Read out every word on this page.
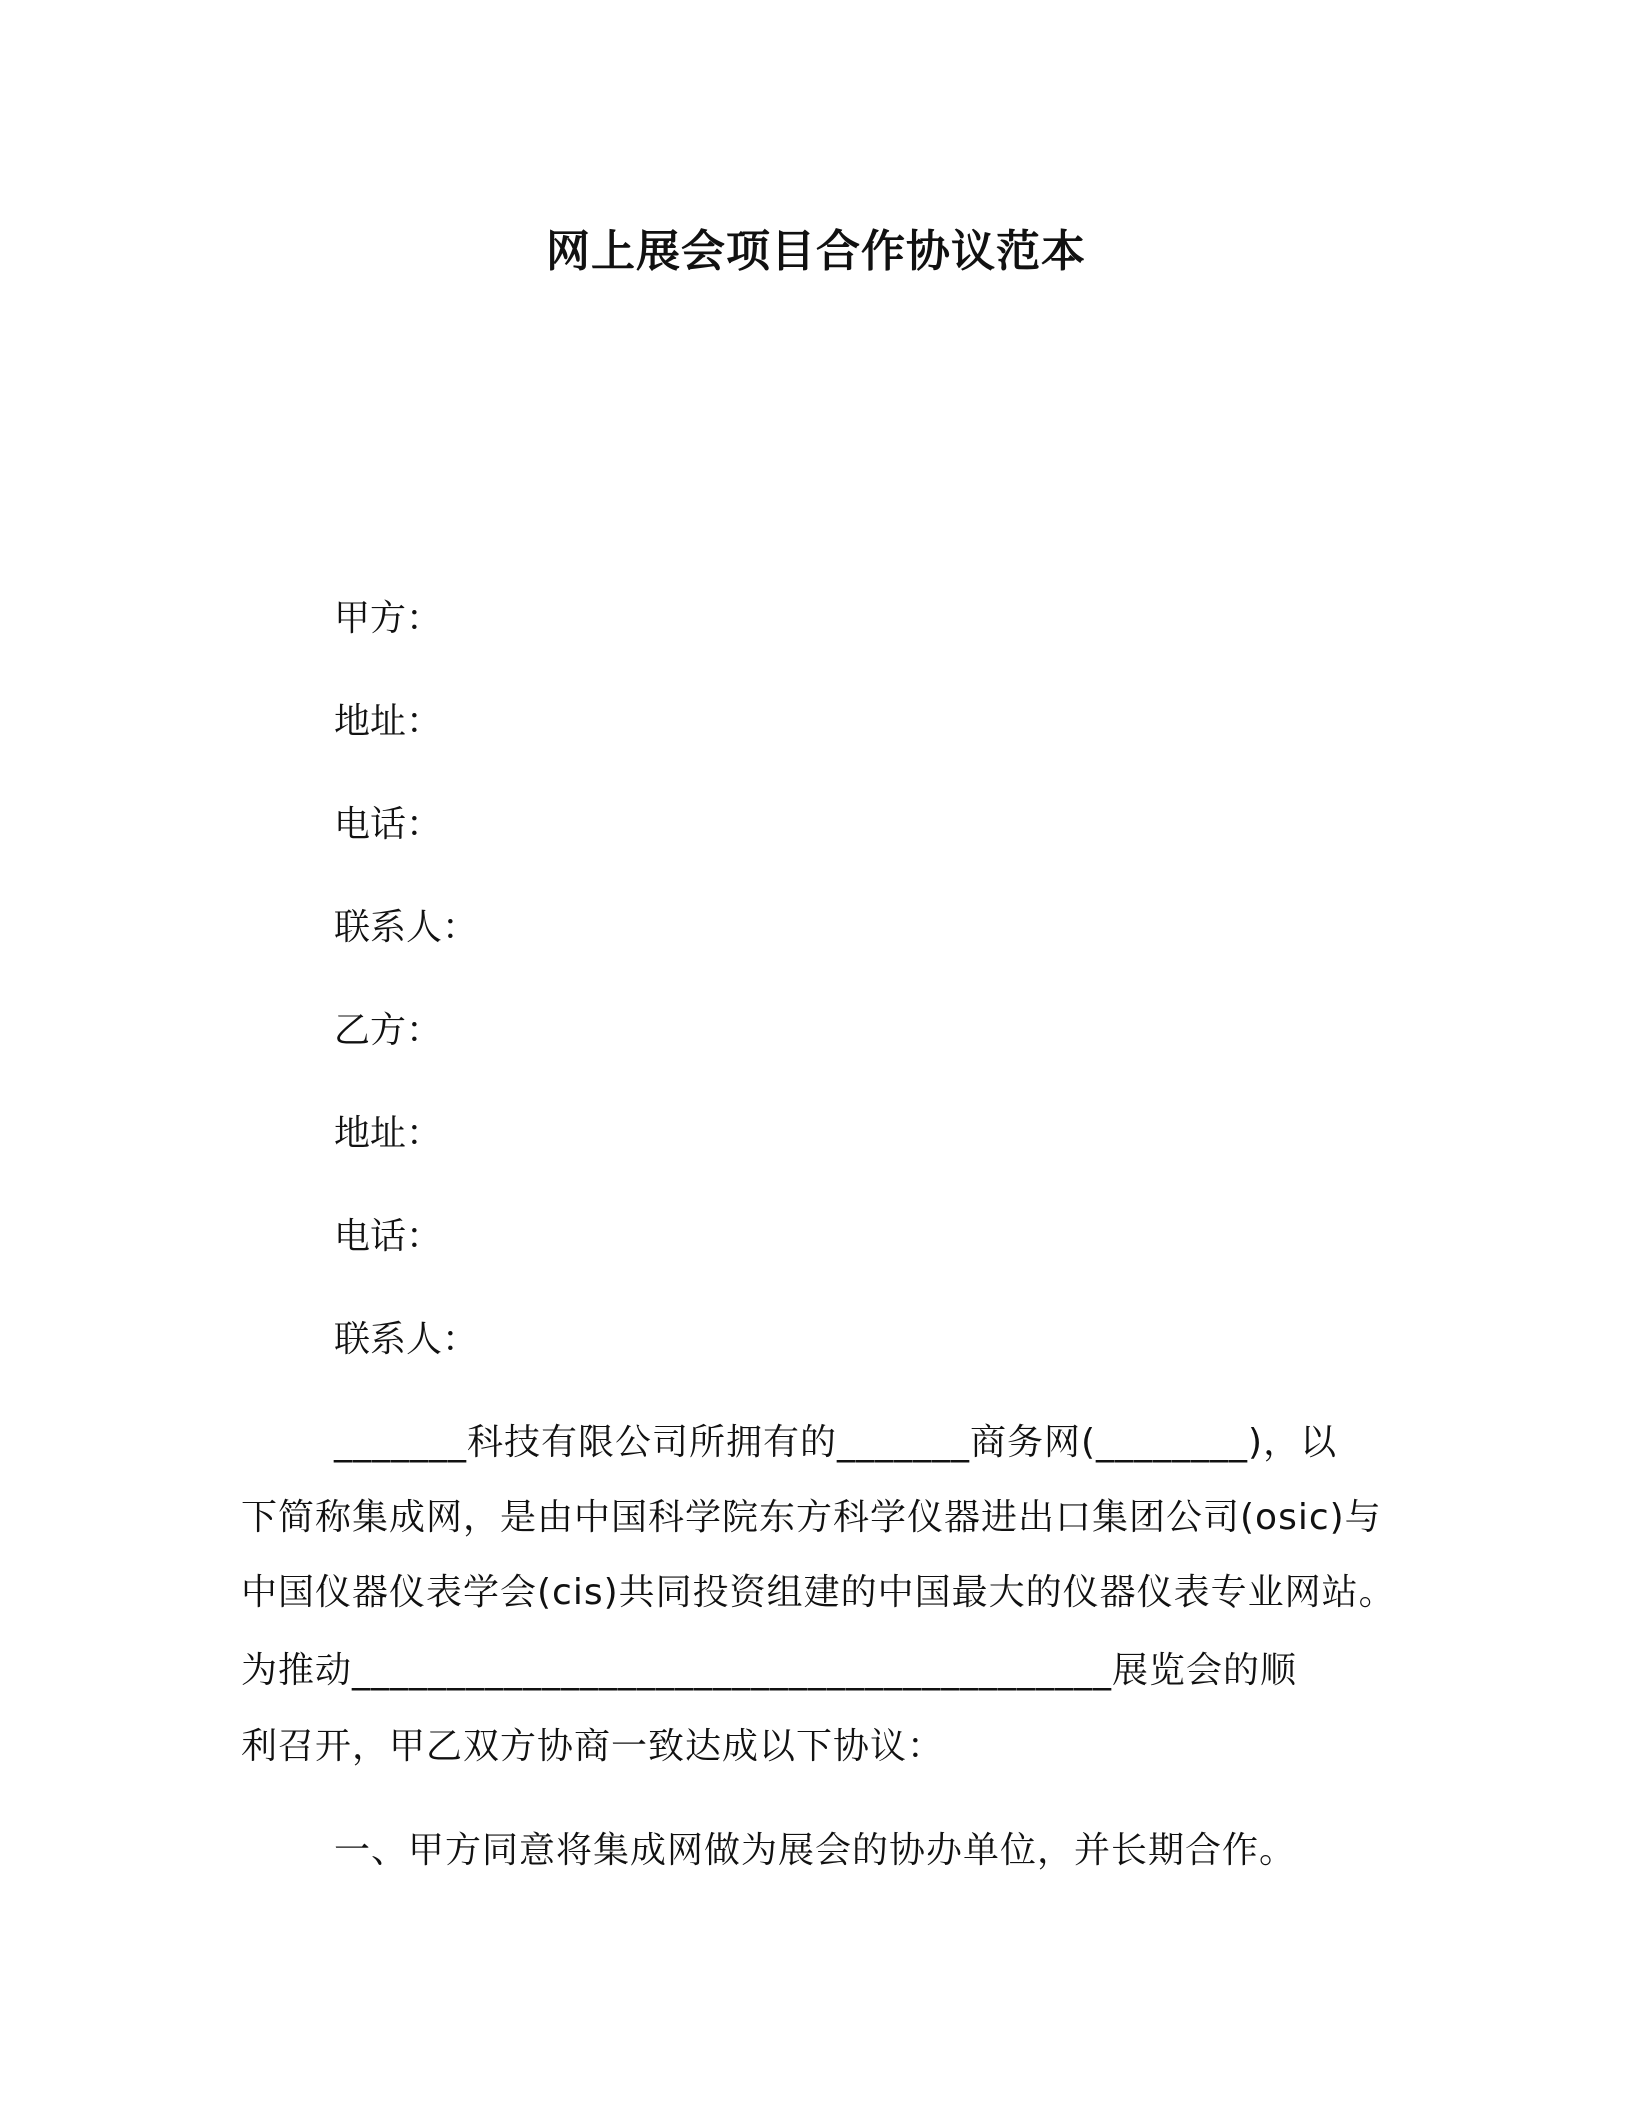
网上展会项目合作协议范本
甲方：
地址：
电话：
联系人：
乙方：
地址：
电话：
联系人：
_______科技有限公司所拥有的_______商务网(________)，以
下简称集成网，是由中国科学院东方科学仪器进出口集团公司(osic)与
中国仪器仪表学会(cis)共同投资组建的中国最大的仪器仪表专业网站。
为推动________________________________________展览会的顺
利召开，甲乙双方协商一致达成以下协议：
一、甲方同意将集成网做为展会的协办单位，并长期合作。
